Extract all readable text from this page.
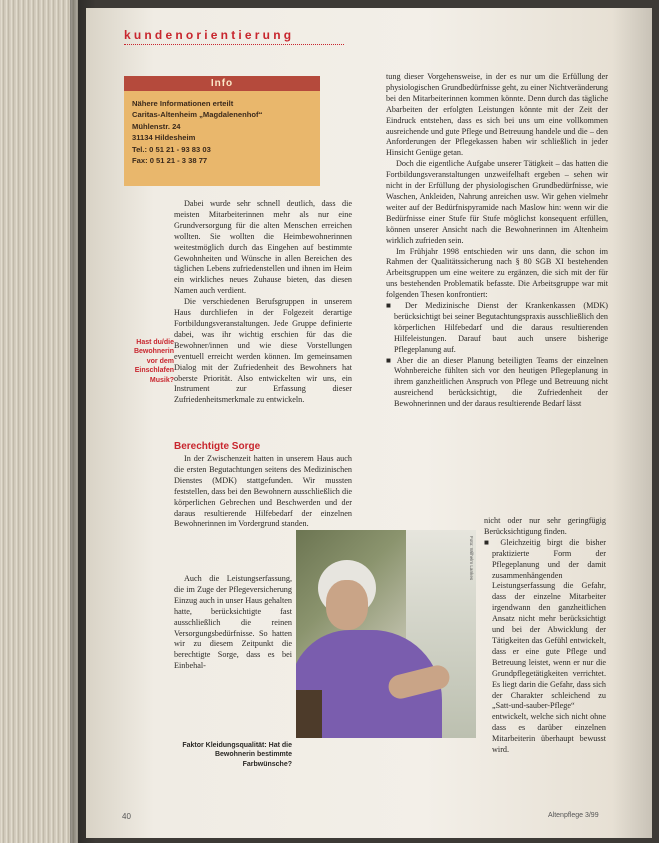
kundenorientierung
Info
Nähere Informationen erteilt
Caritas-Altenheim „Magdalenenhof“
Mühlenstr. 24
31134 Hildesheim
Tel.: 0 51 21 - 93 83 03
Fax: 0 51 21 - 3 38 77

Dabei wurde sehr schnell deutlich, dass die meisten Mitarbeiterinnen mehr als nur eine Grundversorgung für die alten Menschen erreichen wollten. Sie wollten die Heimbewohnerinnen weitestmöglich durch das Eingehen auf bestimmte Gewohnheiten und Wünsche in allen Bereichen des täglichen Lebens zufriedenstellen und ihnen im Heim ein wirkliches neues Zuhause bieten, das diesen Namen auch verdient.

Die verschiedenen Berufsgruppen in unserem Haus durchliefen in der Folgezeit derartige Fortbildungsveranstaltungen. Jede Gruppe definierte dabei, was ihr wichtig erschien für das die Bewohner/innen und wie diese Vorstellungen eventuell erreicht werden können. Im gemeinsamen Dialog mit der Zufriedenheit des Bewohners hat oberste Priorität. Also entwickelten wir uns, ein Instrument zur Erfassung dieser Zufriedenheitsmerkmale zu entwickeln.

Hast du/die Bewohnerin vor dem Einschlafen Musik?
Berechtigte Sorge

In der Zwischenzeit hatten in unserem Haus auch die ersten Begutachtungen seitens des Medizinischen Dienstes (MDK) stattgefunden. Wir mussten feststellen, dass bei den Bewohnern ausschließlich die körperlichen Gebrechen und Beschwerden und der daraus resultierende Hilfebedarf der einzelnen Bewohnerinnen im Vordergrund standen.

Auch die Leistungserfassung, die im Zuge der Pflegeversicherung Einzug auch in unser Haus gehalten hatte, berücksichtigte fast ausschließlich die reinen Versorgungsbedürfnisse. So hatten wir zu diesem Zeitpunkt die berechtigte Sorge, dass es bei Einbehal-

tung dieser Vorgehensweise, in der es nur um die Erfüllung der physiologischen Grundbedürfnisse geht, zu einer Nichtveränderung bei den Mitarbeiterinnen kommen könnte. Denn durch das tägliche Abarbeiten der erfolgten Leistungen könnte mit der Zeit der Eindruck entstehen, dass es sich bei uns um eine vollkommen ausreichende und gute Pflege und Betreuung handele und die – den Anforderungen der Pflegekassen haben wir schließlich in jeder Hinsicht Genüge getan.

Doch die eigentliche Aufgabe unserer Tätigkeit – das hatten die Fortbildungsveranstaltungen unzweifelhaft ergeben – sehen wir nicht in der Erfüllung der physiologischen Grundbedürfnisse, wie Waschen, Ankleiden, Nahrung anreichen usw. Wir gehen vielmehr weiter auf der Bedürfnispyramide nach Maslow hin: wenn wir die Bedürfnisse einer Stufe für Stufe möglichst konsequent erfüllen, können unserer Ansicht nach die Bewohnerinnen im Altenheim wirklich zufrieden sein.

Im Frühjahr 1998 entschieden wir uns dann, die schon im Rahmen der Qualitätssicherung nach § 80 SGB XI bestehenden Arbeitsgruppen um eine weitere zu ergänzen, die sich mit der für uns bestehenden Problematik befasste. Die Arbeitsgruppe war mit folgenden Thesen konfrontiert:

■ Der Medizinische Dienst der Krankenkassen (MDK) berücksichtigt bei seiner Begutachtungspraxis ausschließlich den körperlichen Hilfebedarf und die daraus resultierenden Hilfeleistungen. Darauf baut auch unsere bisherige Pflegeplanung auf.

■ Aber die an dieser Planung beteiligten Teams der einzelnen Wohnbereiche fühlten sich vor den heutigen Pflegeplanung in ihrem ganzheitlichen Anspruch von Pflege und Betreuung nicht ausreichend berücksichtigt, die Zufriedenheit der Bewohnerinnen und der daraus resultierende Bedarf lässt

nicht oder nur sehr geringfügig Berücksichtigung finden.

■ Gleichzeitig birgt die bisher praktizierte Form der Pflegeplanung und der damit zusammenhängenden Leistungserfassung die Gefahr, dass der einzelne Mitarbeiter irgendwann den ganzheitlichen Ansatz nicht mehr berücksichtigt und bei der Abwicklung der Tätigkeiten das Gefühl entwickelt, dass er eine gute Pflege und Betreuung leistet, wenn er nur die Grundpflegetätigkeiten verrichtet. Es liegt darin die Gefahr, dass sich der Charakter schleichend zu „Satt-und-sauber-Pflege“ entwickelt, welche sich nicht ohne dass es darüber einzelnen Mitarbeiterin überhaupt bewusst wird.

Foto: Wilhelm Lankes
Faktor Kleidungsqualität: Hat die Bewohnerin bestimmte Farbwünsche?
40	Altenpflege 3/99
